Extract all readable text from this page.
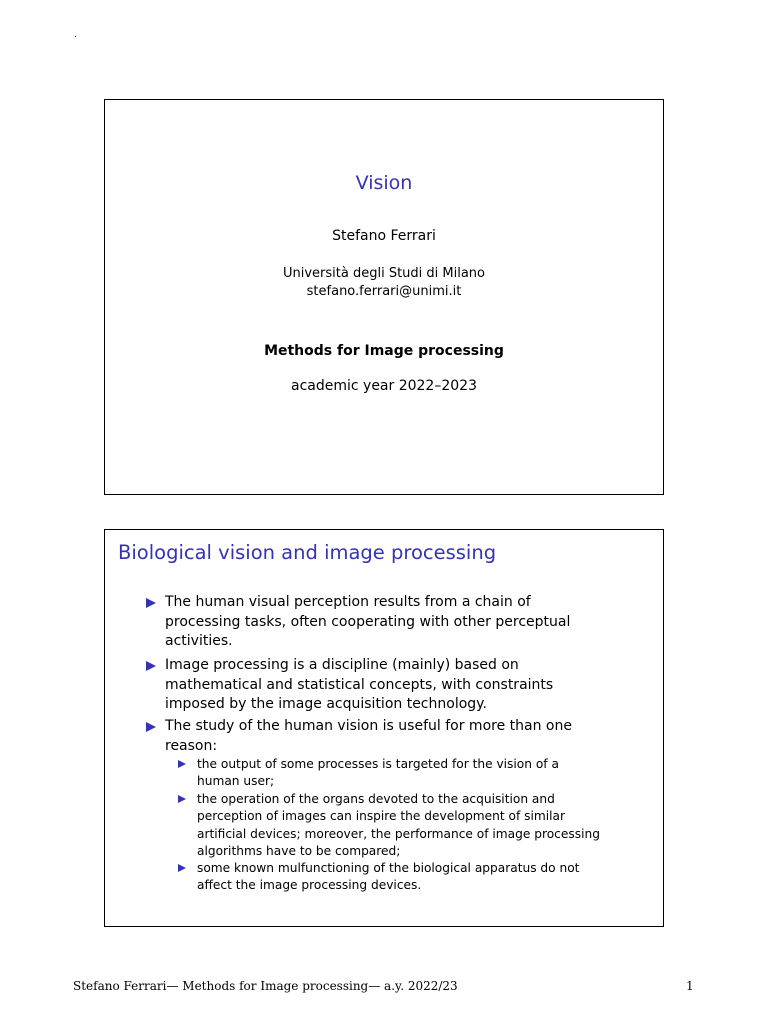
.
Vision
Stefano Ferrari
Università degli Studi di Milano
stefano.ferrari@unimi.it
Methods for Image processing
academic year 2022–2023
Biological vision and image processing
The human visual perception results from a chain of processing tasks, often cooperating with other perceptual activities.
Image processing is a discipline (mainly) based on mathematical and statistical concepts, with constraints imposed by the image acquisition technology.
The study of the human vision is useful for more than one reason:
the output of some processes is targeted for the vision of a human user;
the operation of the organs devoted to the acquisition and perception of images can inspire the development of similar artificial devices; moreover, the performance of image processing algorithms have to be compared;
some known mulfunctioning of the biological apparatus do not affect the image processing devices.
Stefano Ferrari— Methods for Image processing— a.y. 2022/23	1
